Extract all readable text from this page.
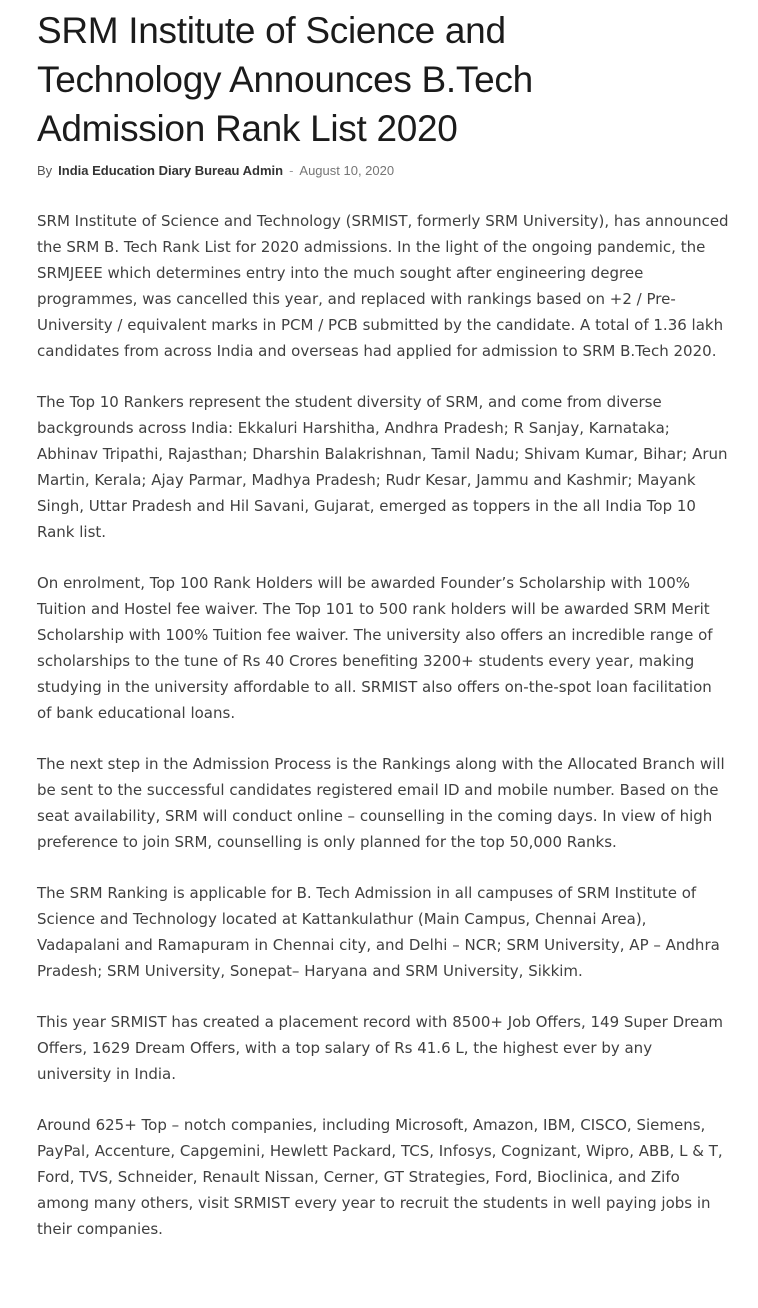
SRM Institute of Science and Technology Announces B.Tech Admission Rank List 2020
By India Education Diary Bureau Admin - August 10, 2020

SRM Institute of Science and Technology (SRMIST, formerly SRM University), has announced the SRM B. Tech Rank List for 2020 admissions. In the light of the ongoing pandemic, the SRMJEEE which determines entry into the much sought after engineering degree programmes, was cancelled this year, and replaced with rankings based on +2 / Pre-University / equivalent marks in PCM / PCB submitted by the candidate. A total of 1.36 lakh candidates from across India and overseas had applied for admission to SRM B.Tech 2020.

The Top 10 Rankers represent the student diversity of SRM, and come from diverse backgrounds across India: Ekkaluri Harshitha, Andhra Pradesh; R Sanjay, Karnataka; Abhinav Tripathi, Rajasthan; Dharshin Balakrishnan, Tamil Nadu; Shivam Kumar, Bihar; Arun Martin, Kerala; Ajay Parmar, Madhya Pradesh; Rudr Kesar, Jammu and Kashmir; Mayank Singh, Uttar Pradesh and Hil Savani, Gujarat, emerged as toppers in the all India Top 10 Rank list.

On enrolment, Top 100 Rank Holders will be awarded Founder’s Scholarship with 100% Tuition and Hostel fee waiver. The Top 101 to 500 rank holders will be awarded SRM Merit Scholarship with 100% Tuition fee waiver. The university also offers an incredible range of scholarships to the tune of Rs 40 Crores benefiting 3200+ students every year, making studying in the university affordable to all. SRMIST also offers on-the-spot loan facilitation of bank educational loans.

The next step in the Admission Process is the Rankings along with the Allocated Branch will be sent to the successful candidates registered email ID and mobile number. Based on the seat availability, SRM will conduct online – counselling in the coming days. In view of high preference to join SRM, counselling is only planned for the top 50,000 Ranks.

The SRM Ranking is applicable for B. Tech Admission in all campuses of SRM Institute of Science and Technology located at Kattankulathur (Main Campus, Chennai Area), Vadapalani and Ramapuram in Chennai city, and Delhi – NCR; SRM University, AP – Andhra Pradesh; SRM University, Sonepat– Haryana and SRM University, Sikkim.

This year SRMIST has created a placement record with 8500+ Job Offers, 149 Super Dream Offers, 1629 Dream Offers, with a top salary of Rs 41.6 L, the highest ever by any university in India.

Around 625+ Top – notch companies, including Microsoft, Amazon, IBM, CISCO, Siemens, PayPal, Accenture, Capgemini, Hewlett Packard, TCS, Infosys, Cognizant, Wipro, ABB, L & T, Ford, TVS, Schneider, Renault Nissan, Cerner, GT Strategies, Ford, Bioclinica, and Zifo among many others, visit SRMIST every year to recruit the students in well paying jobs in their companies.
